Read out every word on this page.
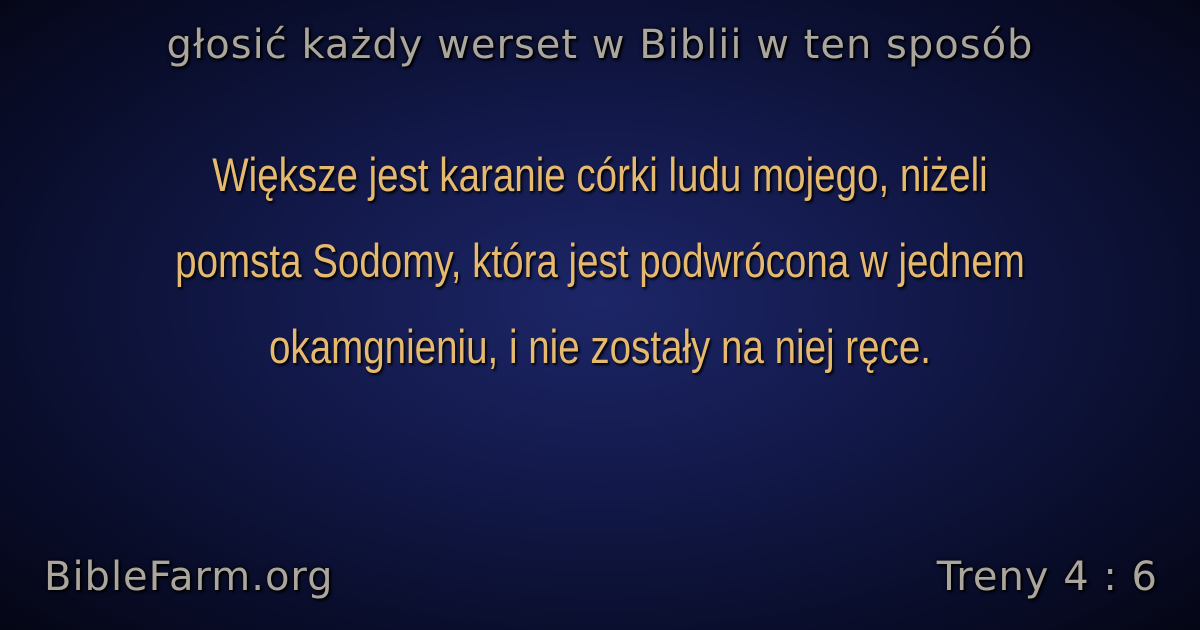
głosić każdy werset w Biblii w ten sposób
Większe jest karanie córki ludu mojego, niżeli pomsta Sodomy, która jest podwrócona w jednem okamgnieniu, i nie zostały na niej ręce.
BibleFarm.org	Treny 4 : 6
